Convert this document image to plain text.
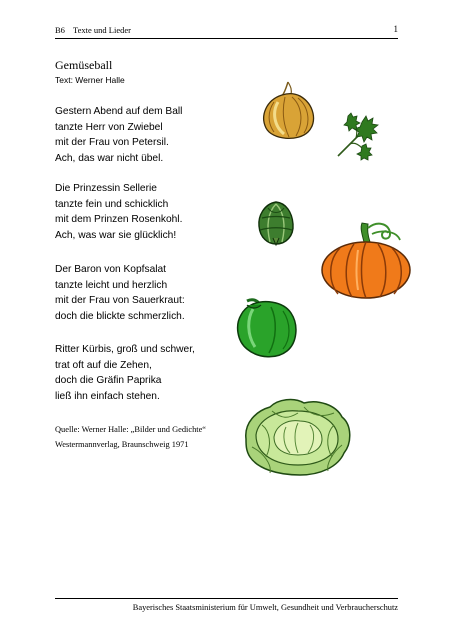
B6 Texte und Lieder	1
Gemüseball
Text: Werner Halle
Gestern Abend auf dem Ball
tanzte Herr von Zwiebel
mit der Frau von Petersil.
Ach, das war nicht übel.
Die Prinzessin Sellerie
tanzte fein und schicklich
mit dem Prinzen Rosenkohl.
Ach, was war sie glücklich!
Der Baron von Kopfsalat
tanzte leicht und herzlich
mit der Frau von Sauerkraut:
doch die blickte schmerzlich.
Ritter Kürbis, groß und schwer,
trat oft auf die Zehen,
doch die Gräfin Paprika
ließ ihn einfach stehen.
Quelle: Werner Halle: „Bilder und Gedichte“
Westermannverlag, Braunschweig 1971
Bayerisches Staatsministerium für Umwelt, Gesundheit und Verbraucherschutz
